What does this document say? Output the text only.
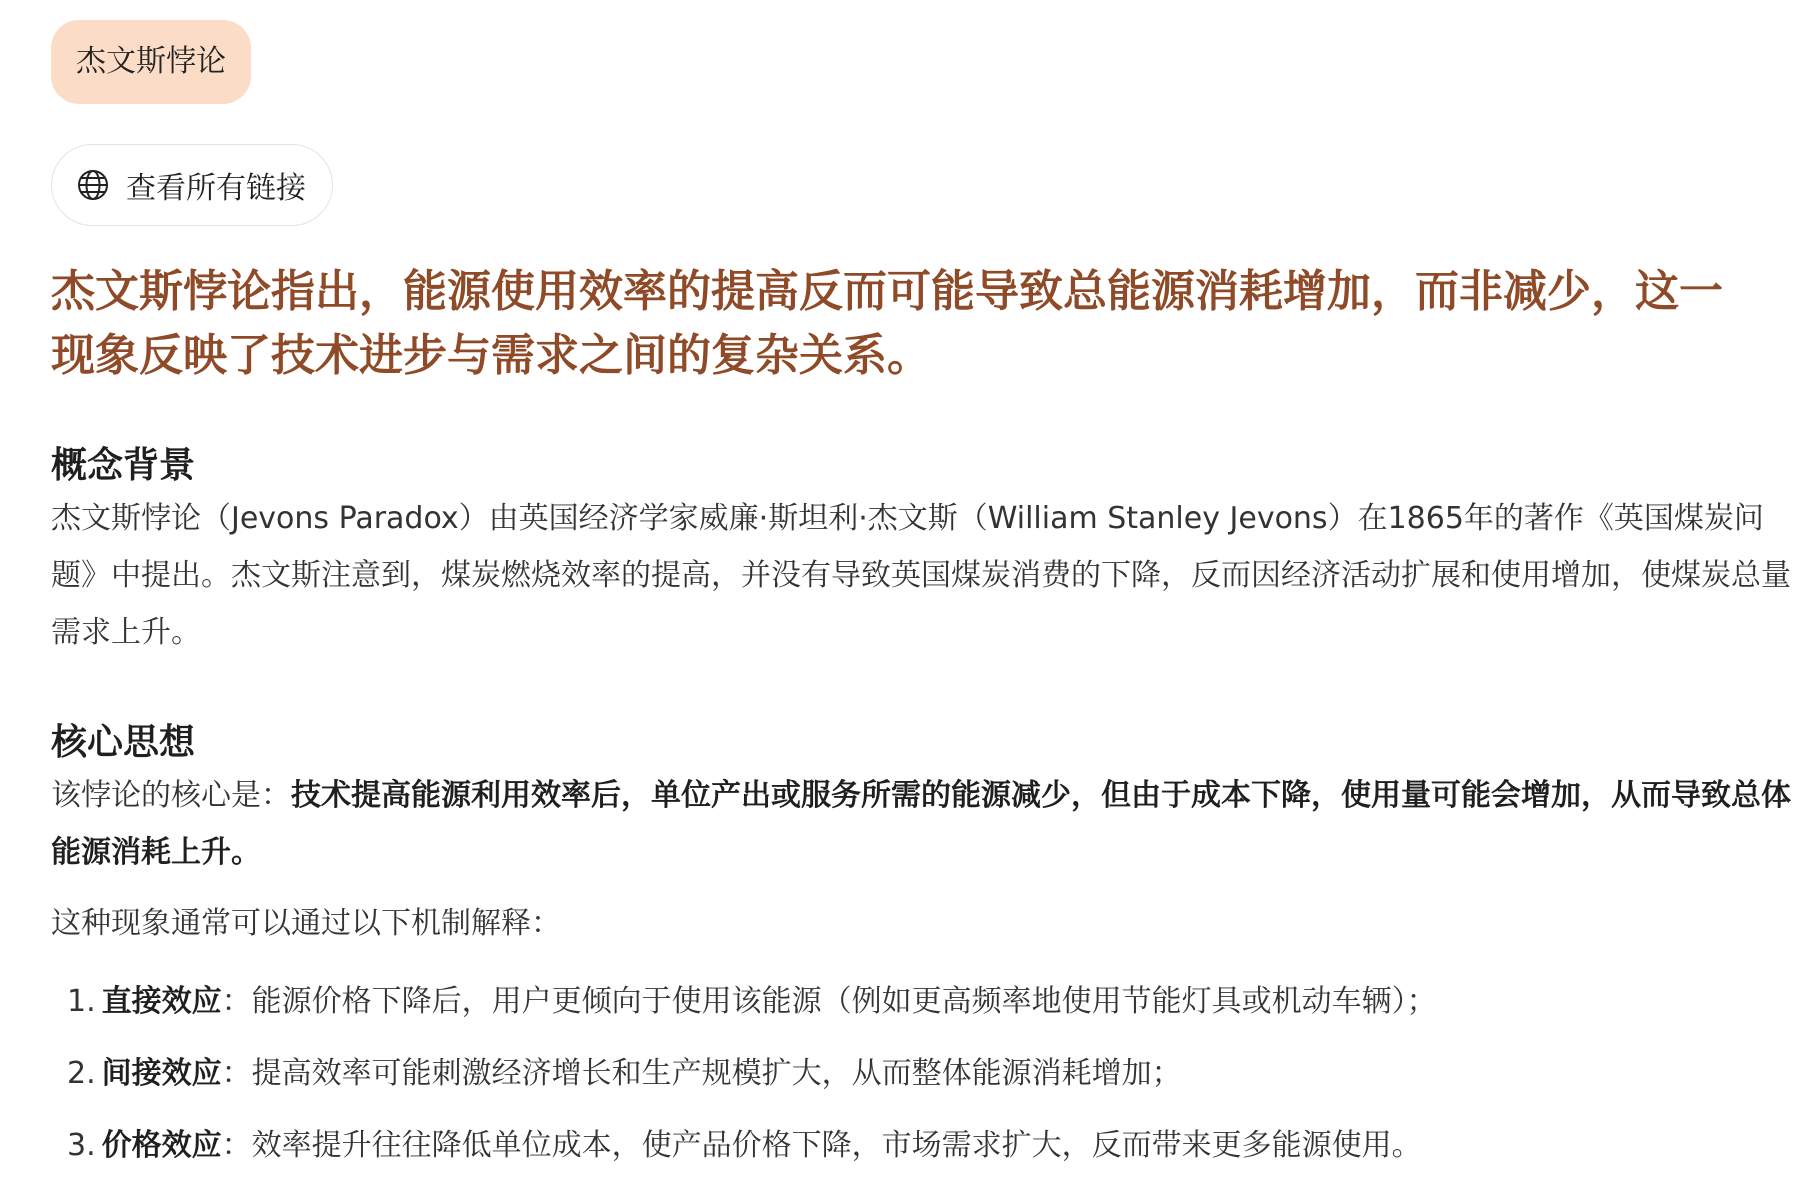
杰文斯悖论
查看所有链接
杰文斯悖论指出，能源使用效率的提高反而可能导致总能源消耗增加，而非减少，这一现象反映了技术进步与需求之间的复杂关系。
概念背景

杰文斯悖论（Jevons Paradox）由英国经济学家威廉·斯坦利·杰文斯（William Stanley Jevons）在1865年的著作《英国煤炭问题》中提出。杰文斯注意到，煤炭燃烧效率的提高，并没有导致英国煤炭消费的下降，反而因经济活动扩展和使用增加，使煤炭总量需求上升。

核心思想

该悖论的核心是：技术提高能源利用效率后，单位产出或服务所需的能源减少，但由于成本下降，使用量可能会增加，从而导致总体能源消耗上升。

这种现象通常可以通过以下机制解释：

1. 直接效应：能源价格下降后，用户更倾向于使用该能源（例如更高频率地使用节能灯具或机动车辆）；
2. 间接效应：提高效率可能刺激经济增长和生产规模扩大，从而整体能源消耗增加；
3. 价格效应：效率提升往往降低单位成本，使产品价格下降，市场需求扩大，反而带来更多能源使用。
